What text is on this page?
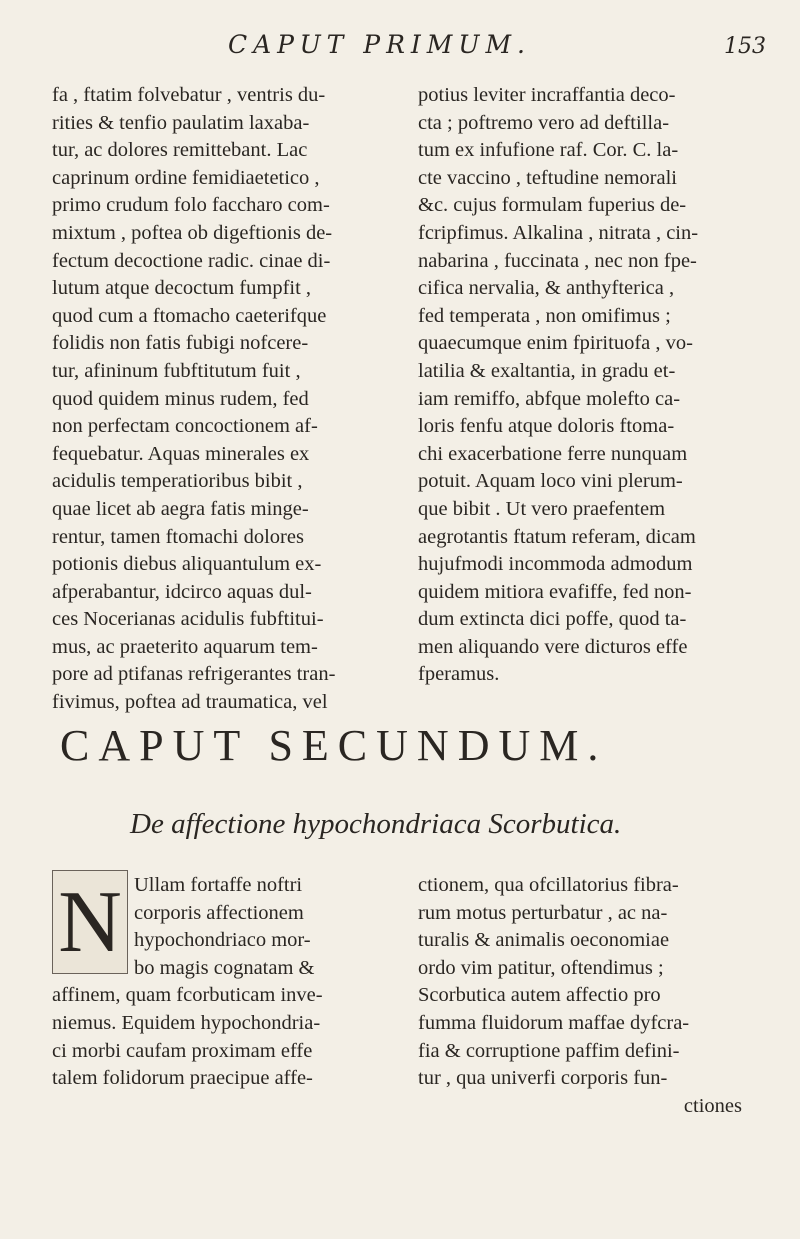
CAPUT PRIMUM.	153
fa , ftatim folvebatur , ventris du-
rities & tenfio paulatim laxaba-
tur, ac dolores remittebant. Lac
caprinum ordine femidiaetetico ,
primo crudum folo faccharo com-
mixtum , poftea ob digeftionis de-
fectum decoctione radic. cinae di-
lutum atque decoctum fumpfit ,
quod cum a ftomacho caeterifque
folidis non fatis fubigi nofcere-
tur, afininum fubftitutum fuit ,
quod quidem minus rudem, fed
non perfectam concoctionem af-
fequebatur. Aquas minerales ex
acidulis temperatioribus bibit ,
quae licet ab aegra fatis minge-
rentur, tamen ftomachi dolores
potionis diebus aliquantulum ex-
afperabantur, idcirco aquas dul-
ces Nocerianas acidulis fubftitui-
mus, ac praeterito aquarum tem-
pore ad ptifanas refrigerantes tran-
fivimus, poftea ad traumatica, vel
potius leviter incraffantia deco-
cta ; poftremo vero ad deftilla-
tum ex infufione raf. Cor. C. la-
cte vaccino , teftudine nemorali
&c. cujus formulam fuperius de-
fcripfimus. Alkalina , nitrata , cin-
nabarina , fuccinata , nec non fpe-
cifica nervalia, & anthyfterica ,
fed temperata , non omifimus ;
quaecumque enim fpirituofa , vo-
latilia & exaltantia, in gradu et-
iam remiffo, abfque molefto ca-
loris fenfu atque doloris ftoma-
chi exacerbatione ferre nunquam
potuit. Aquam loco vini plerum-
que bibit . Ut vero praefentem
aegrotantis ftatum referam, dicam
hujufmodi incommoda admodum
quidem mitiora evafiffe, fed non-
dum extincta dici poffe, quod ta-
men aliquando vere dicturos effe
fperamus.
CAPUT SECUNDUM.
De affectione hypochondriaca Scorbutica.
N Ullam fortaffe noftri
corporis affectionem
hypochondriaco mor-
bo magis cognatam &
affinem, quam fcorbuticam inve-
niemus. Equidem hypochondria-
ci morbi caufam proximam effe
talem folidorum praecipue affe-
ctionem, qua ofcillatorius fibra-
rum motus perturbatur , ac na-
turalis & animalis oeconomiae
ordo vim patitur, oftendimus ;
Scorbutica autem affectio pro
fumma fluidorum maffae dyfcra-
fia & corruptione paffim defini-
tur , qua univerfi corporis fun-
ctiones
